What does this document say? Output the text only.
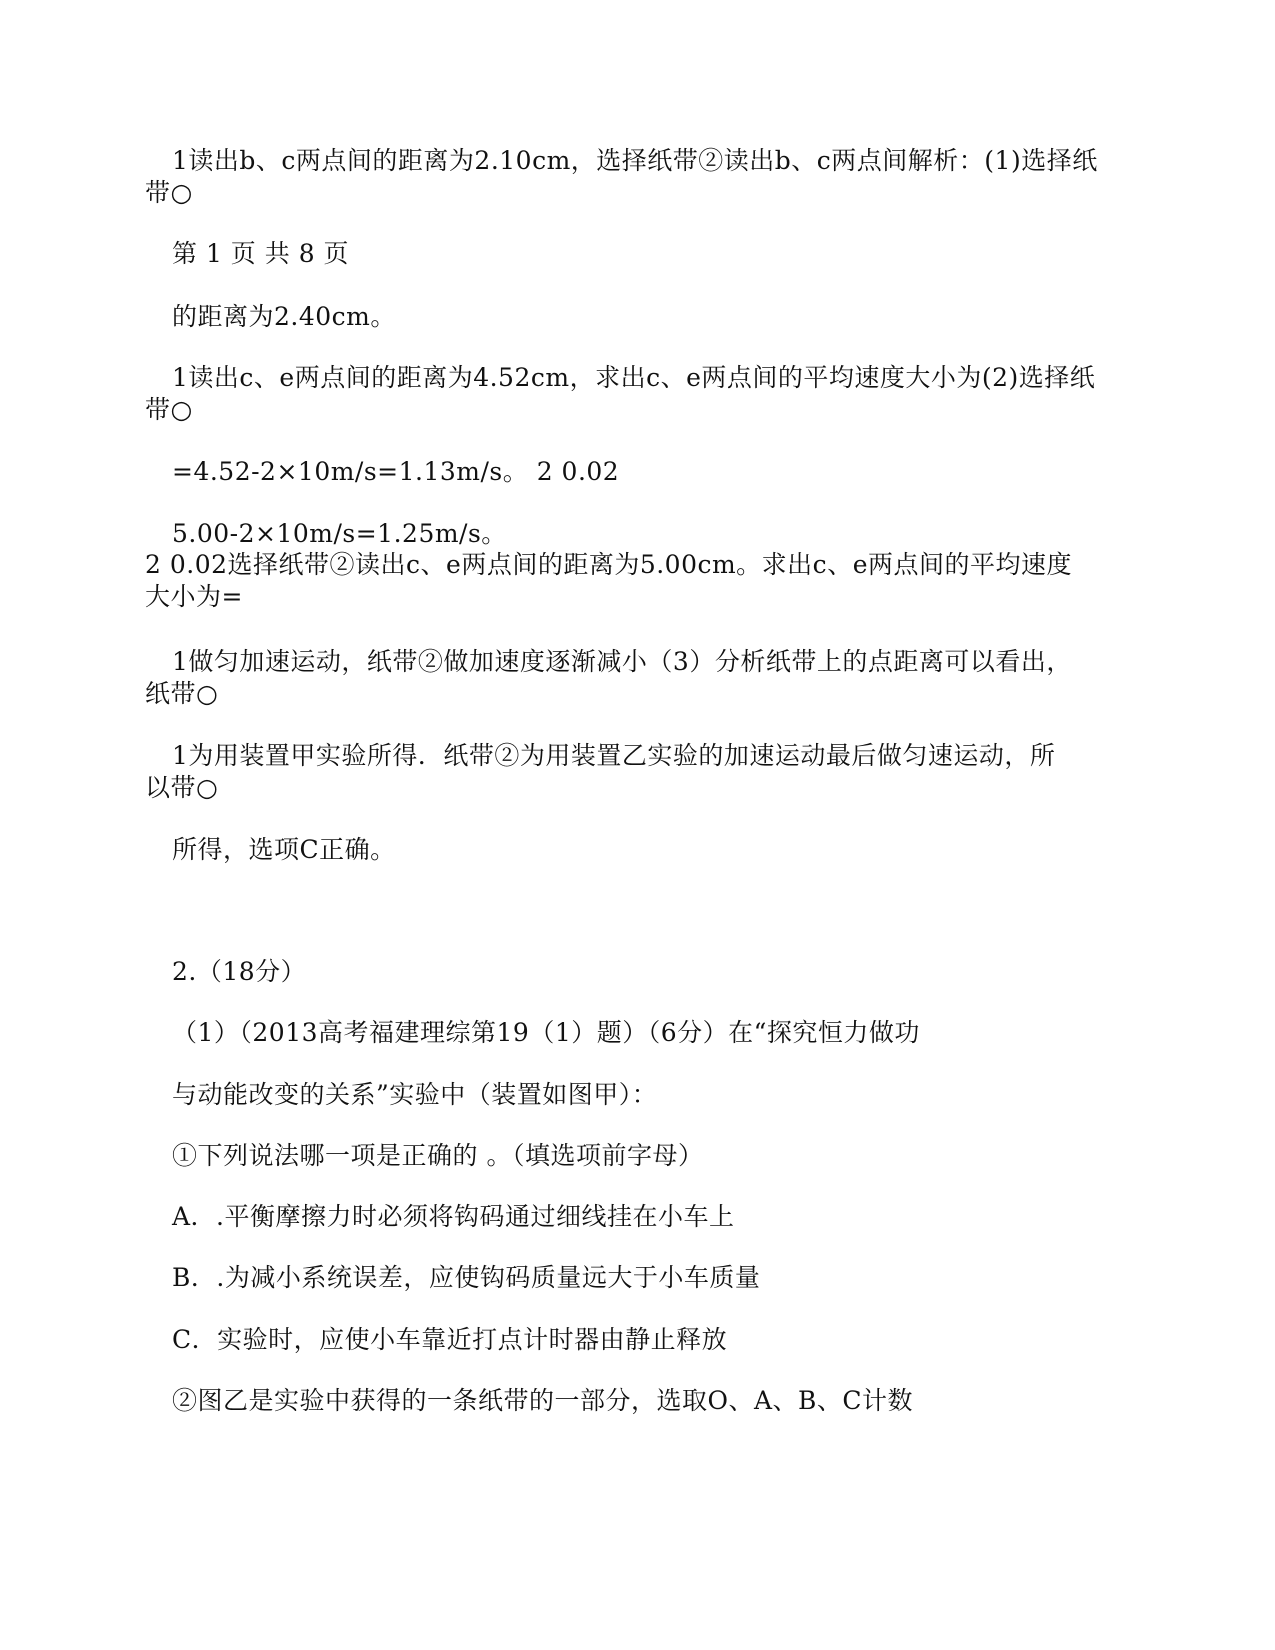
1读出b、c两点间的距离为2.10cm，选择纸带②读出b、c两点间解析：(1)选择纸
带○
第 1 页 共 8 页
的距离为2.40cm。
1读出c、e两点间的距离为4.52cm，求出c、e两点间的平均速度大小为(2)选择纸
带○
=4.52-2×10m/s=1.13m/s。 2 0.02
5.00-2×10m/s=1.25m/s。
2 0.02选择纸带②读出c、e两点间的距离为5.00cm。求出c、e两点间的平均速度
大小为=
1做匀加速运动，纸带②做加速度逐渐减小（3）分析纸带上的点距离可以看出，
纸带○
1为用装置甲实验所得．纸带②为用装置乙实验的加速运动最后做匀速运动，所
以带○
所得，选项C正确。
2.（18分）
（1）（2013高考福建理综第19（1）题）（6分）在“探究恒力做功
与动能改变的关系”实验中（装置如图甲）：
①下列说法哪一项是正确的 。（填选项前字母）
A．.平衡摩擦力时必须将钩码通过细线挂在小车上
B．.为减小系统误差，应使钩码质量远大于小车质量
C．实验时，应使小车靠近打点计时器由静止释放
②图乙是实验中获得的一条纸带的一部分，选取O、A、B、C计数
